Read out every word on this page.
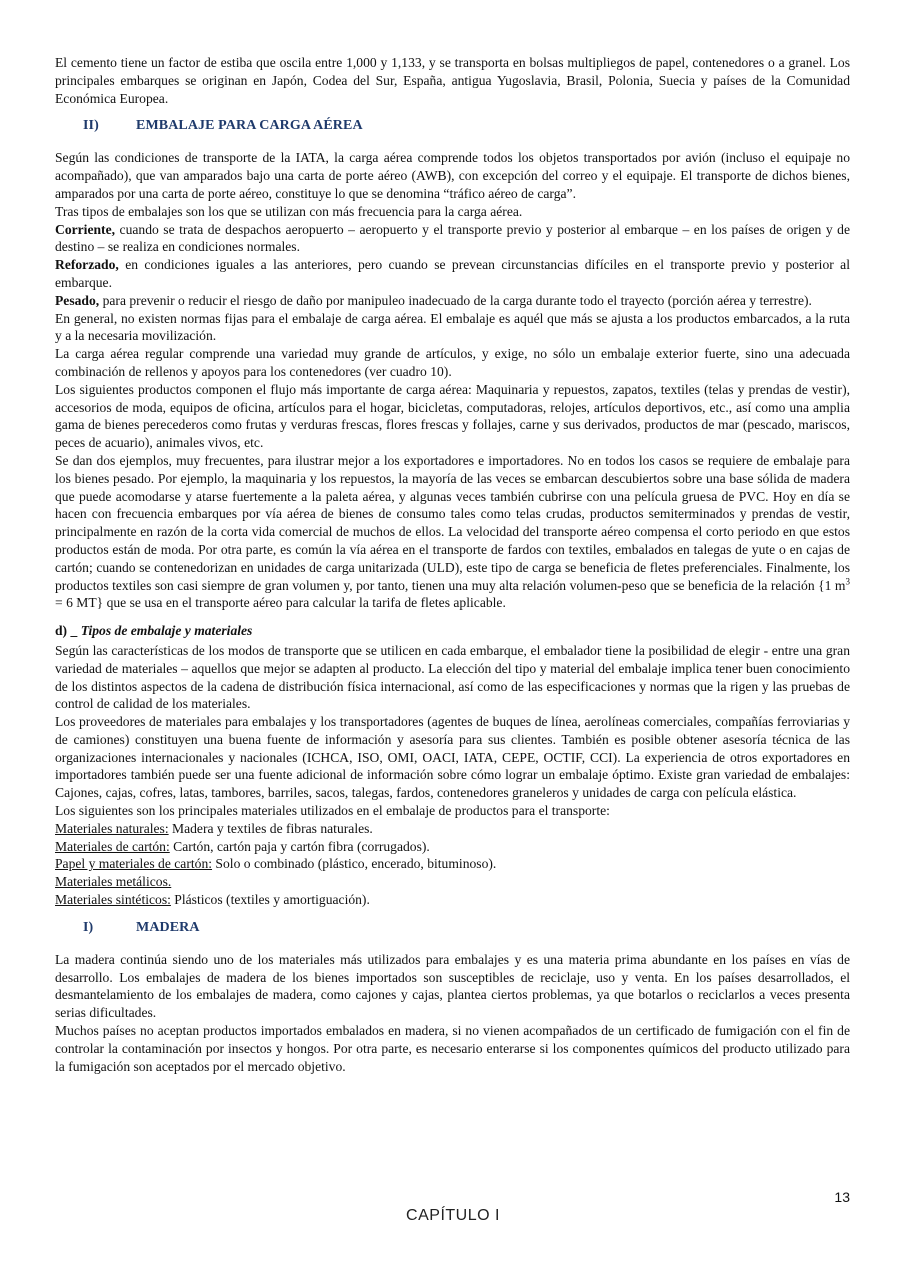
El cemento tiene un factor de estiba que oscila entre 1,000 y 1,133, y se transporta en bolsas multipliegos de papel, contenedores o a granel. Los principales embarques se originan en Japón, Codea del Sur, España, antigua Yugoslavia, Brasil, Polonia, Suecia y países de la Comunidad Económica Europea.

II)	EMBALAJE PARA CARGA AÉREA

Según las condiciones de transporte de la IATA, la carga aérea comprende todos los objetos transportados por avión (incluso el equipaje no acompañado), que van amparados bajo una carta de porte aéreo (AWB), con excepción del correo y el equipaje. El transporte de dichos bienes, amparados por una carta de porte aéreo, constituye lo que se denomina “tráfico aéreo de carga”.

Tras tipos de embalajes son los que se utilizan con más frecuencia para la carga aérea.

Corriente, cuando se trata de despachos aeropuerto – aeropuerto y el transporte previo y posterior al embarque – en los países de origen y de destino – se realiza en condiciones normales.

Reforzado, en condiciones iguales a las anteriores, pero cuando se prevean circunstancias difíciles en el transporte previo y posterior al embarque.

Pesado, para prevenir o reducir el riesgo de daño por manipuleo inadecuado de la carga durante todo el trayecto (porción aérea y terrestre).

En general, no existen normas fijas para el embalaje de carga aérea. El embalaje es aquél que más se ajusta a los productos embarcados, a la ruta y a la necesaria movilización.

La carga aérea regular comprende una variedad muy grande de artículos, y exige, no sólo un embalaje exterior fuerte, sino una adecuada combinación de rellenos y apoyos para los contenedores (ver cuadro 10).

Los siguientes productos componen el flujo más importante de carga aérea: Maquinaria y repuestos, zapatos, textiles (telas y prendas de vestir), accesorios de moda, equipos de oficina, artículos para el hogar, bicicletas, computadoras, relojes, artículos deportivos, etc., así como una amplia gama de bienes perecederos como frutas y verduras frescas, flores frescas y follajes, carne y sus derivados, productos de mar (pescado, mariscos, peces de acuario), animales vivos, etc.

Se dan dos ejemplos, muy frecuentes, para ilustrar mejor a los exportadores e importadores. No en todos los casos se requiere de embalaje para los bienes pesado. Por ejemplo, la maquinaria y los repuestos, la mayoría de las veces se embarcan descubiertos sobre una base sólida de madera que puede acomodarse y atarse fuertemente a la paleta aérea, y algunas veces también cubrirse con una película gruesa de PVC. Hoy en día se hacen con frecuencia embarques por vía aérea de bienes de consumo tales como telas crudas, productos semiterminados y prendas de vestir, principalmente en razón de la corta vida comercial de muchos de ellos. La velocidad del transporte aéreo compensa el corto periodo en que estos productos están de moda. Por otra parte, es común la vía aérea en el transporte de fardos con textiles, embalados en talegas de yute o en cajas de cartón; cuando se contenedorizan en unidades de carga unitarizada (ULD), este tipo de carga se beneficia de fletes preferenciales. Finalmente, los productos textiles son casi siempre de gran volumen y, por tanto, tienen una muy alta relación volumen-peso que se beneficia de la relación {1 $m^3 = 6$ MT} que se usa en el transporte aéreo para calcular la tarifa de fletes aplicable.

d) _ Tipos de embalaje y materiales

Según las características de los modos de transporte que se utilicen en cada embarque, el embalador tiene la posibilidad de elegir - entre una gran variedad de materiales – aquellos que mejor se adapten al producto. La elección del tipo y material del embalaje implica tener buen conocimiento de los distintos aspectos de la cadena de distribución física internacional, así como de las especificaciones y normas que la rigen y las pruebas de control de calidad de los materiales.

Los proveedores de materiales para embalajes y los transportadores (agentes de buques de línea, aerolíneas comerciales, compañías ferroviarias y de camiones) constituyen una buena fuente de información y asesoría para sus clientes. También es posible obtener asesoría técnica de las organizaciones internacionales y nacionales (ICHCA, ISO, OMI, OACI, IATA, CEPE, OCTIF, CCI). La experiencia de otros exportadores en importadores también puede ser una fuente adicional de información sobre cómo lograr un embalaje óptimo. Existe gran variedad de embalajes: Cajones, cajas, cofres, latas, tambores, barriles, sacos, talegas, fardos, contenedores graneleros y unidades de carga con película elástica.

Los siguientes son los principales materiales utilizados en el embalaje de productos para el transporte:

Materiales naturales: Madera y textiles de fibras naturales.

Materiales de cartón: Cartón, cartón paja y cartón fibra (corrugados).

Papel y materiales de cartón: Solo o combinado (plástico, encerado, bituminoso).

Materiales metálicos.

Materiales sintéticos: Plásticos (textiles y amortiguación).

I)	MADERA

La madera continúa siendo uno de los materiales más utilizados para embalajes y es una materia prima abundante en los países en vías de desarrollo. Los embalajes de madera de los bienes importados son susceptibles de reciclaje, uso y venta. En los países desarrollados, el desmantelamiento de los embalajes de madera, como cajones y cajas, plantea ciertos problemas, ya que botarlos o reciclarlos a veces presenta serias dificultades.

Muchos países no aceptan productos importados embalados en madera, si no vienen acompañados de un certificado de fumigación con el fin de controlar la contaminación por insectos y hongos. Por otra parte, es necesario enterarse si los componentes químicos del producto utilizado para la fumigación son aceptados por el mercado objetivo.

13
CAPÍTULO I
